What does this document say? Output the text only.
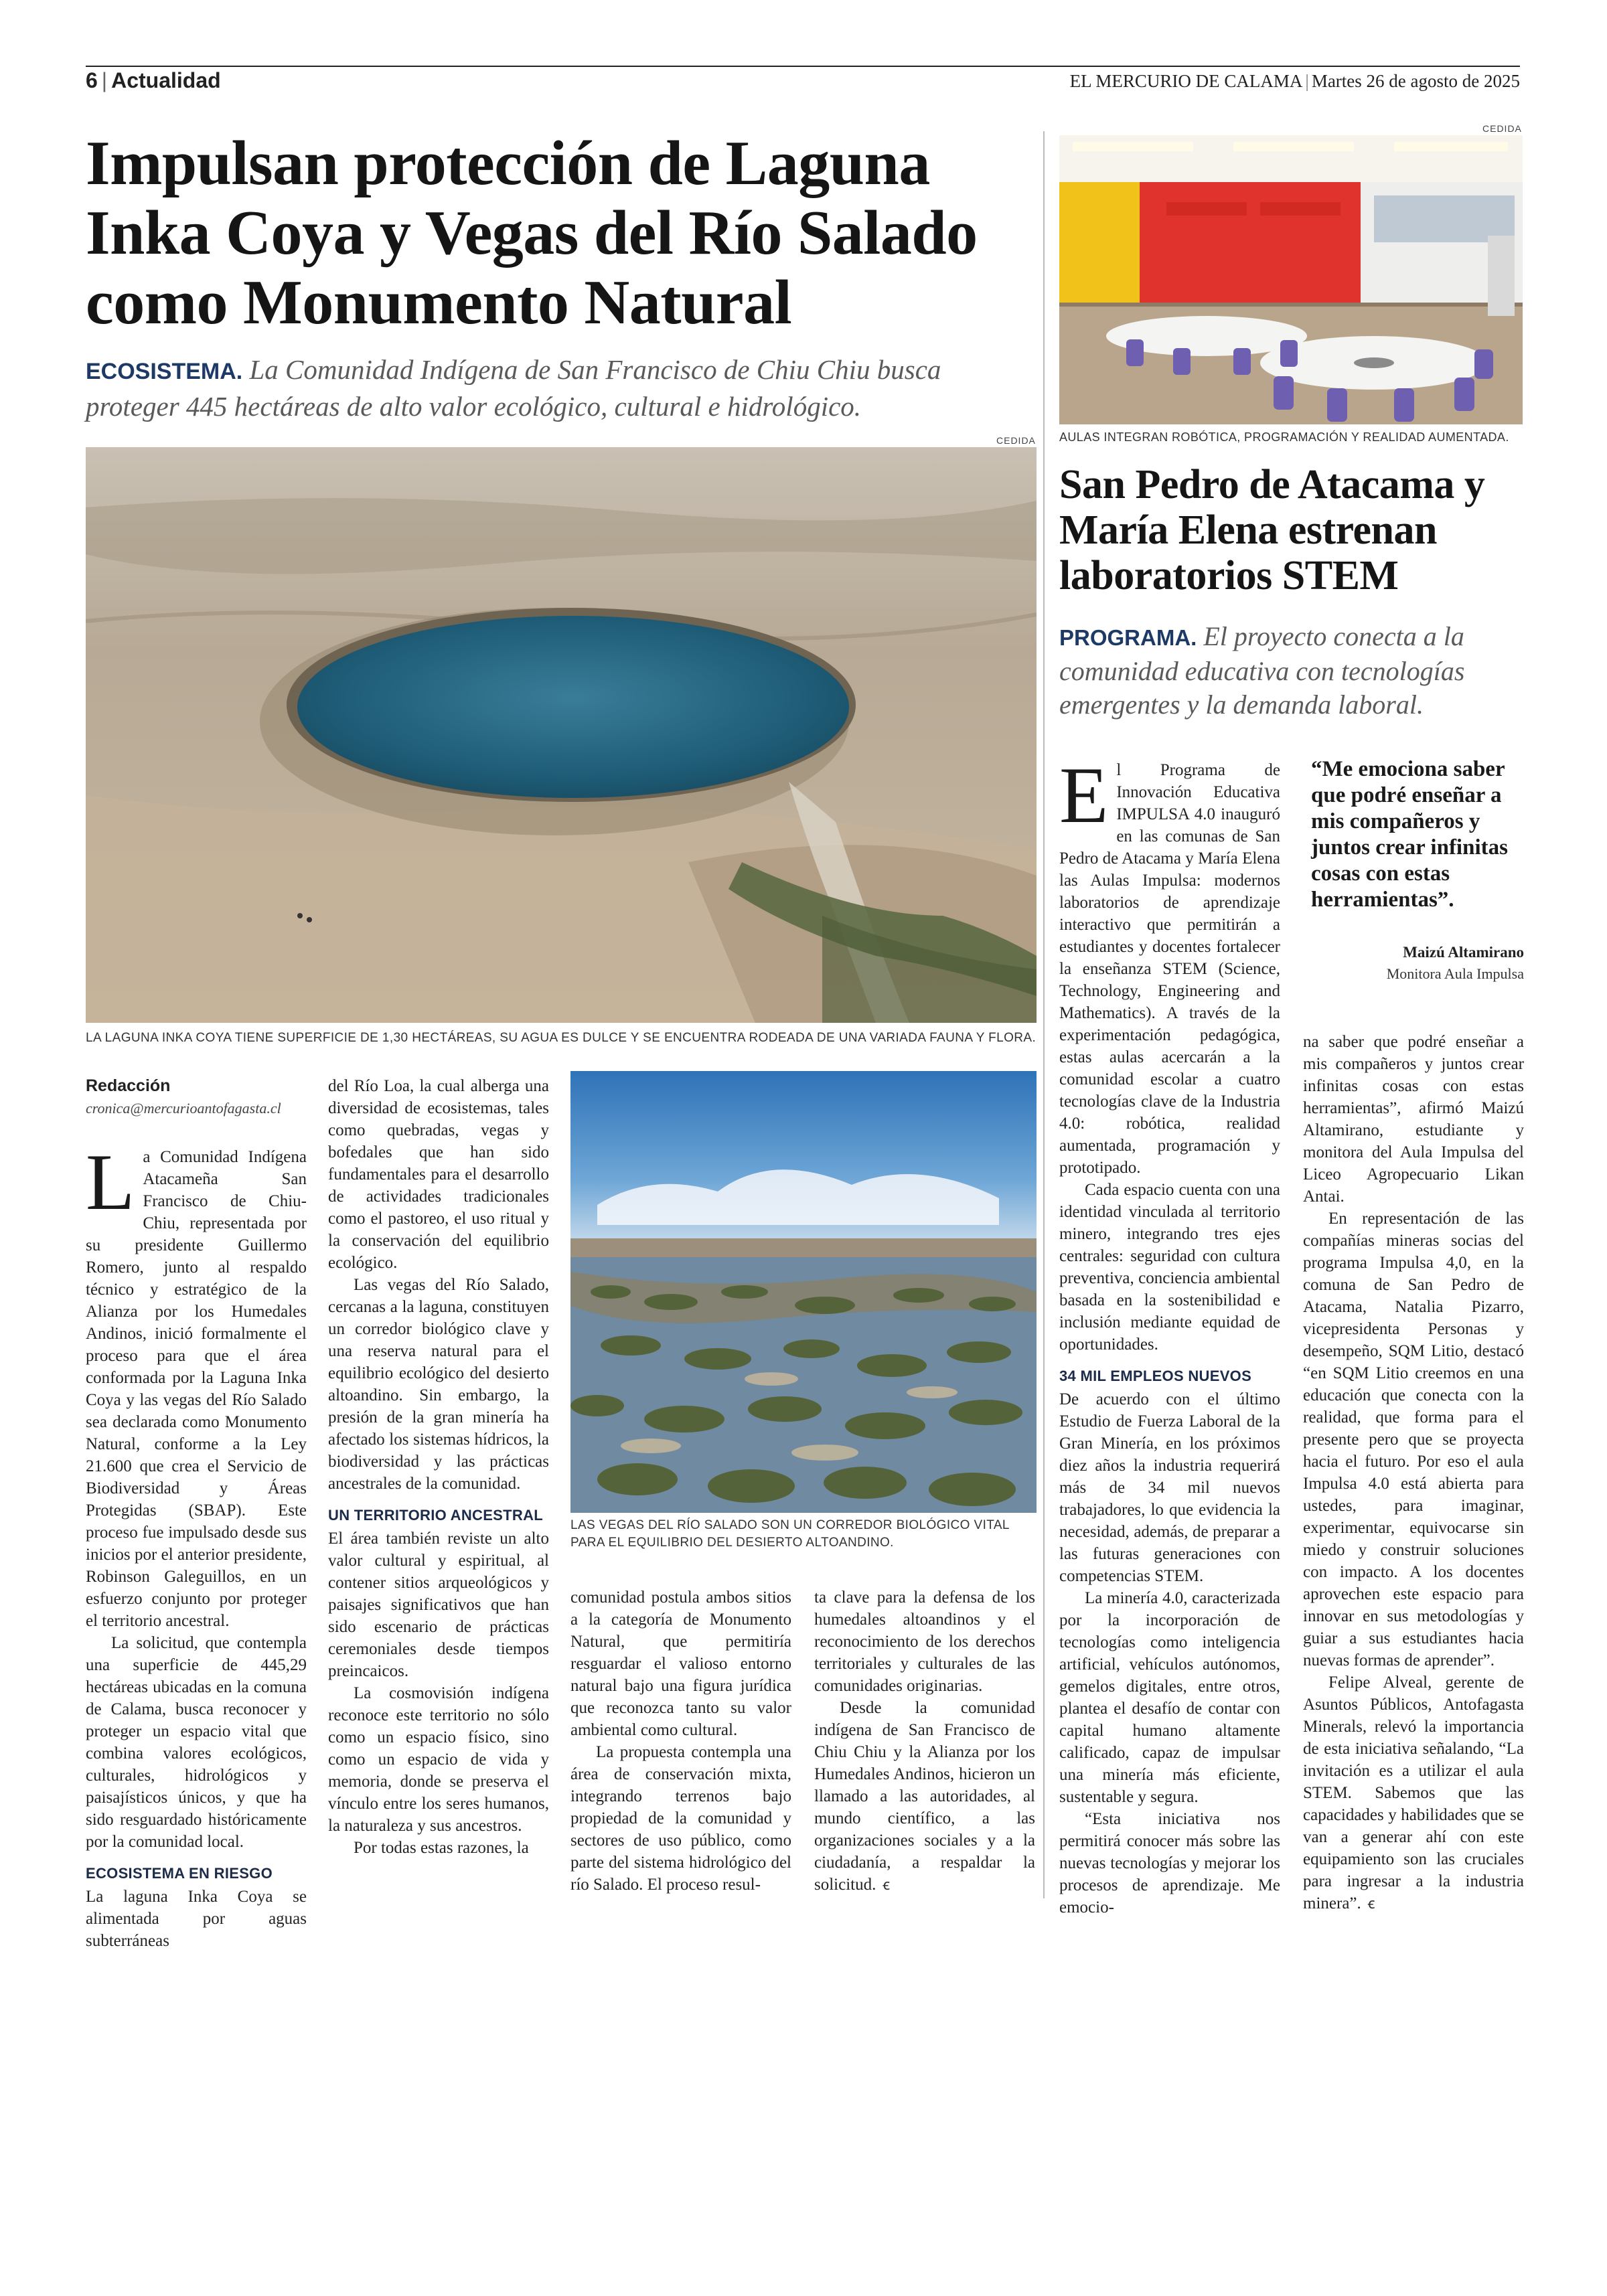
6 | Actualidad	EL MERCURIO DE CALAMA | Martes 26 de agosto de 2025
Impulsan protección de Laguna
Inka Coya y Vegas del Río Salado
como Monumento Natural
ECOSISTEMA. La Comunidad Indígena de San Francisco de Chiu Chiu busca proteger 445 hectáreas de alto valor ecológico, cultural e hidrológico.
CEDIDA
LA LAGUNA INKA COYA TIENE SUPERFICIE DE 1,30 HECTÁREAS, SU AGUA ES DULCE Y SE ENCUENTRA RODEADA DE UNA VARIADA FAUNA Y FLORA.
Redacción
cronica@mercurioantofagasta.cl

La Comunidad Indígena Atacameña San Francisco de Chiu-Chiu, representada por su presidente Guillermo Romero, junto al respaldo técnico y estratégico de la Alianza por los Humedales Andinos, inició formalmente el proceso para que el área conformada por la Laguna Inka Coya y las vegas del Río Salado sea declarada como Monumento Natural, conforme a la Ley 21.600 que crea el Servicio de Biodiversidad y Áreas Protegidas (SBAP). Este proceso fue impulsado desde sus inicios por el anterior presidente, Robinson Galeguillos, en un esfuerzo conjunto por proteger el territorio ancestral.

La solicitud, que contempla una superficie de 445,29 hectáreas ubicadas en la comuna de Calama, busca reconocer y proteger un espacio vital que combina valores ecológicos, culturales, hidrológicos y paisajísticos únicos, y que ha sido resguardado históricamente por la comunidad local.

ECOSISTEMA EN RIESGO

La laguna Inka Coya se alimentada por aguas subterráneas

del Río Loa, la cual alberga una diversidad de ecosistemas, tales como quebradas, vegas y bofedales que han sido fundamentales para el desarrollo de actividades tradicionales como el pastoreo, el uso ritual y la conservación del equilibrio ecológico.

Las vegas del Río Salado, cercanas a la laguna, constituyen un corredor biológico clave y una reserva natural para el equilibrio ecológico del desierto altoandino. Sin embargo, la presión de la gran minería ha afectado los sistemas hídricos, la biodiversidad y las prácticas ancestrales de la comunidad.

UN TERRITORIO ANCESTRAL

El área también reviste un alto valor cultural y espiritual, al contener sitios arqueológicos y paisajes significativos que han sido escenario de prácticas ceremoniales desde tiempos preincaicos.

La cosmovisión indígena reconoce este territorio no sólo como un espacio físico, sino como un espacio de vida y memoria, donde se preserva el vínculo entre los seres humanos, la naturaleza y sus ancestros.

Por todas estas razones, la

LAS VEGAS DEL RÍO SALADO SON UN CORREDOR BIOLÓGICO VITAL PARA EL EQUILIBRIO DEL DESIERTO ALTOANDINO.

comunidad postula ambos sitios a la categoría de Monumento Natural, que permitiría resguardar el valioso entorno natural bajo una figura jurídica que reconozca tanto su valor ambiental como cultural.

La propuesta contempla una área de conservación mixta, integrando terrenos bajo propiedad de la comunidad y sectores de uso público, como parte del sistema hidrológico del río Salado. El proceso resul-

ta clave para la defensa de los humedales altoandinos y el reconocimiento de los derechos territoriales y culturales de las comunidades originarias.

Desde la comunidad indígena de San Francisco de Chiu Chiu y la Alianza por los Humedales Andinos, hicieron un llamado a las autoridades, al mundo científico, a las organizaciones sociales y a la ciudadanía, a respaldar la solicitud. ꞓ

CEDIDA
AULAS INTEGRAN ROBÓTICA, PROGRAMACIÓN Y REALIDAD AUMENTADA.
San Pedro de Atacama y
María Elena estrenan
laboratorios STEM
PROGRAMA. El proyecto conecta a la comunidad educativa con tecnologías emergentes y la demanda laboral.

El Programa de Innovación Educativa IMPULSA 4.0 inauguró en las comunas de San Pedro de Atacama y María Elena las Aulas Impulsa: modernos laboratorios de aprendizaje interactivo que permitirán a estudiantes y docentes fortalecer la enseñanza STEM (Science, Technology, Engineering and Mathematics). A través de la experimentación pedagógica, estas aulas acercarán a la comunidad escolar a cuatro tecnologías clave de la Industria 4.0: robótica, realidad aumentada, programación y prototipado.

Cada espacio cuenta con una identidad vinculada al territorio minero, integrando tres ejes centrales: seguridad con cultura preventiva, conciencia ambiental basada en la sostenibilidad e inclusión mediante equidad de oportunidades.

34 MIL EMPLEOS NUEVOS

De acuerdo con el último Estudio de Fuerza Laboral de la Gran Minería, en los próximos diez años la industria requerirá más de 34 mil nuevos trabajadores, lo que evidencia la necesidad, además, de preparar a las futuras generaciones con competencias STEM.

La minería 4.0, caracterizada por la incorporación de tecnologías como inteligencia artificial, vehículos autónomos, gemelos digitales, entre otros, plantea el desafío de contar con capital humano altamente calificado, capaz de impulsar una minería más eficiente, sustentable y segura.

“Esta iniciativa nos permitirá conocer más sobre las nuevas tecnologías y mejorar los procesos de aprendizaje. Me emocio-

“Me emociona saber que podré enseñar a mis compañeros y juntos crear infinitas cosas con estas herramientas”.
Maizú Altamirano
Monitora Aula Impulsa

na saber que podré enseñar a mis compañeros y juntos crear infinitas cosas con estas herramientas”, afirmó Maizú Altamirano, estudiante y monitora del Aula Impulsa del Liceo Agropecuario Likan Antai.

En representación de las compañías mineras socias del programa Impulsa 4,0, en la comuna de San Pedro de Atacama, Natalia Pizarro, vicepresidenta Personas y desempeño, SQM Litio, destacó “en SQM Litio creemos en una educación que conecta con la realidad, que forma para el presente pero que se proyecta hacia el futuro. Por eso el aula Impulsa 4.0 está abierta para ustedes, para imaginar, experimentar, equivocarse sin miedo y construir soluciones con impacto. A los docentes aprovechen este espacio para innovar en sus metodologías y guiar a sus estudiantes hacia nuevas formas de aprender”.

Felipe Alveal, gerente de Asuntos Públicos, Antofagasta Minerals, relevó la importancia de esta iniciativa señalando, “La invitación es a utilizar el aula STEM. Sabemos que las capacidades y habilidades que se van a generar ahí con este equipamiento son las cruciales para ingresar a la industria minera”. ꞓ
